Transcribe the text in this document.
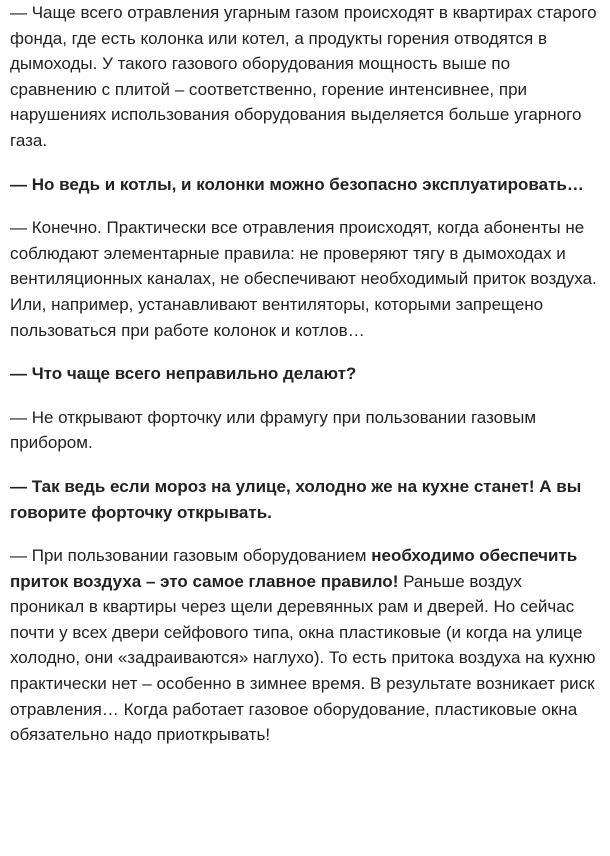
— Чаще всего отравления угарным газом происходят в квартирах старого фонда, где есть колонка или котел, а продукты горения отводятся в дымоходы. У такого газового оборудования мощность выше по сравнению с плитой – соответственно, горение интенсивнее, при нарушениях использования оборудования выделяется больше угарного газа.

— Но ведь и котлы, и колонки можно безопасно эксплуатировать…

— Конечно. Практически все отравления происходят, когда абоненты не соблюдают элементарные правила: не проверяют тягу в дымоходах и вентиляционных каналах, не обеспечивают необходимый приток воздуха. Или, например, устанавливают вентиляторы, которыми запрещено пользоваться при работе колонок и котлов…

— Что чаще всего неправильно делают?

— Не открывают форточку или фрамугу при пользовании газовым прибором.

— Так ведь если мороз на улице, холодно же на кухне станет! А вы говорите форточку открывать.

— При пользовании газовым оборудованием необходимо обеспечить приток воздуха – это самое главное правило! Раньше воздух проникал в квартиры через щели деревянных рам и дверей. Но сейчас почти у всех двери сейфового типа, окна пластиковые (и когда на улице холодно, они «задраиваются» наглухо). То есть притока воздуха на кухню практически нет – особенно в зимнее время. В результате возникает риск отравления… Когда работает газовое оборудование, пластиковые окна обязательно надо приоткрывать!
